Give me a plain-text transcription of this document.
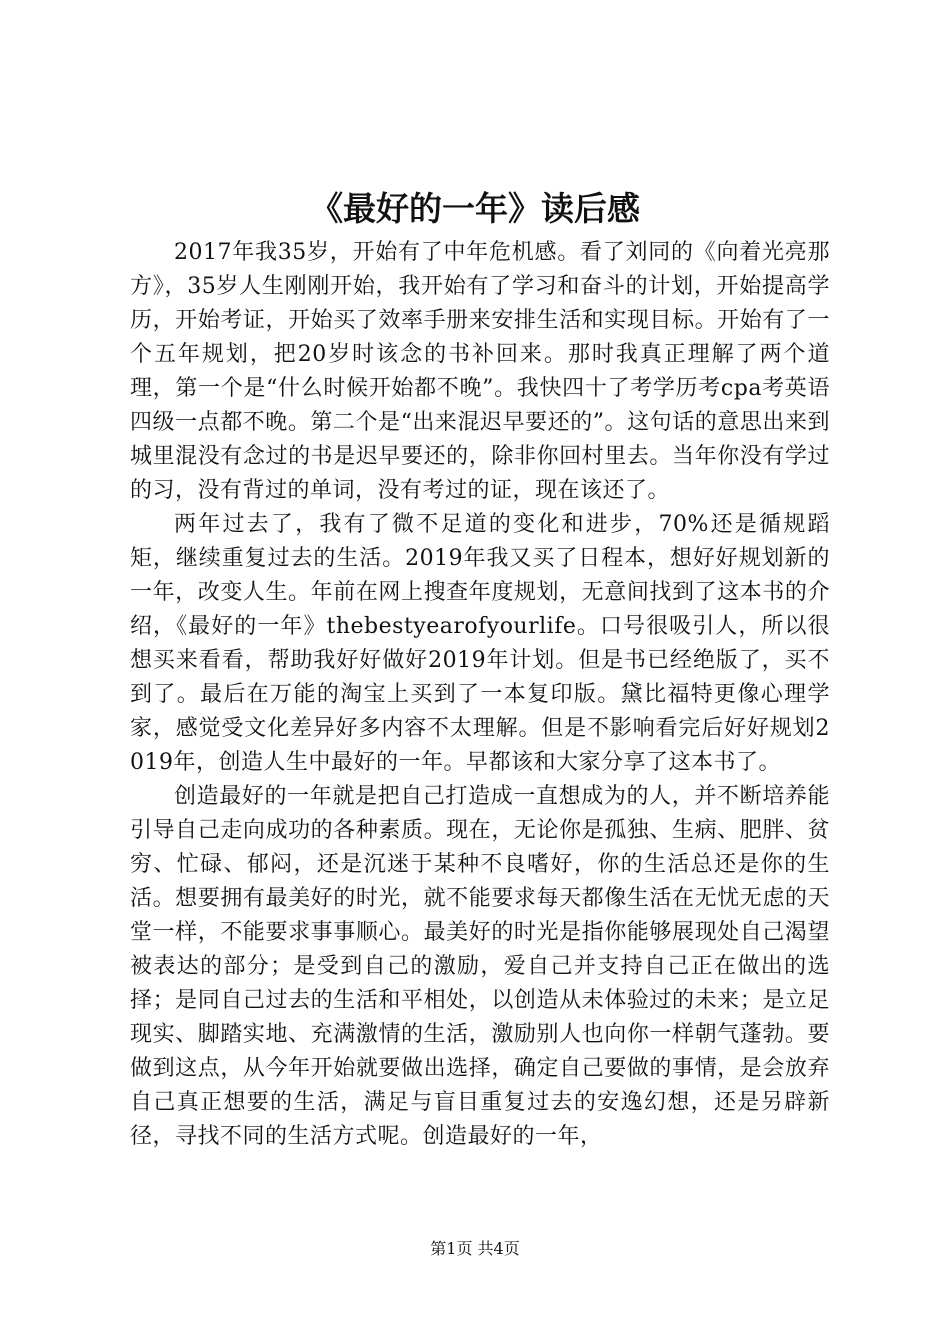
《最好的一年》读后感

2017年我35岁，开始有了中年危机感。看了刘同的《向着光亮那方》，35岁人生刚刚开始，我开始有了学习和奋斗的计划，开始提高学历，开始考证，开始买了效率手册来安排生活和实现目标。开始有了一个五年规划，把20岁时该念的书补回来。那时我真正理解了两个道理，第一个是“什么时候开始都不晚”。我快四十了考学历考cpa考英语四级一点都不晚。第二个是“出来混迟早要还的”。这句话的意思出来到城里混没有念过的书是迟早要还的，除非你回村里去。当年你没有学过的习，没有背过的单词，没有考过的证，现在该还了。

两年过去了，我有了微不足道的变化和进步，70%还是循规蹈矩，继续重复过去的生活。2019年我又买了日程本，想好好规划新的一年，改变人生。年前在网上搜查年度规划，无意间找到了这本书的介绍，《最好的一年》thebestyearofyourlife。口号很吸引人，所以很想买来看看，帮助我好好做好2019年计划。但是书已经绝版了，买不到了。最后在万能的淘宝上买到了一本复印版。黛比福特更像心理学家，感觉受文化差异好多内容不太理解。但是不影响看完后好好规划2019年，创造人生中最好的一年。早都该和大家分享了这本书了。

创造最好的一年就是把自己打造成一直想成为的人，并不断培养能引导自己走向成功的各种素质。现在，无论你是孤独、生病、肥胖、贫穷、忙碌、郁闷，还是沉迷于某种不良嗜好，你的生活总还是你的生活。想要拥有最美好的时光，就不能要求每天都像生活在无忧无虑的天堂一样，不能要求事事顺心。最美好的时光是指你能够展现处自己渴望被表达的部分；是受到自己的激励，爱自己并支持自己正在做出的选择；是同自己过去的生活和平相处，以创造从未体验过的未来；是立足现实、脚踏实地、充满激情的生活，激励别人也向你一样朝气蓬勃。要做到这点，从今年开始就要做出选择，确定自己要做的事情，是会放弃自己真正想要的生活，满足与盲目重复过去的安逸幻想，还是另辟新径，寻找不同的生活方式呢。创造最好的一年，

第1页 共4页
